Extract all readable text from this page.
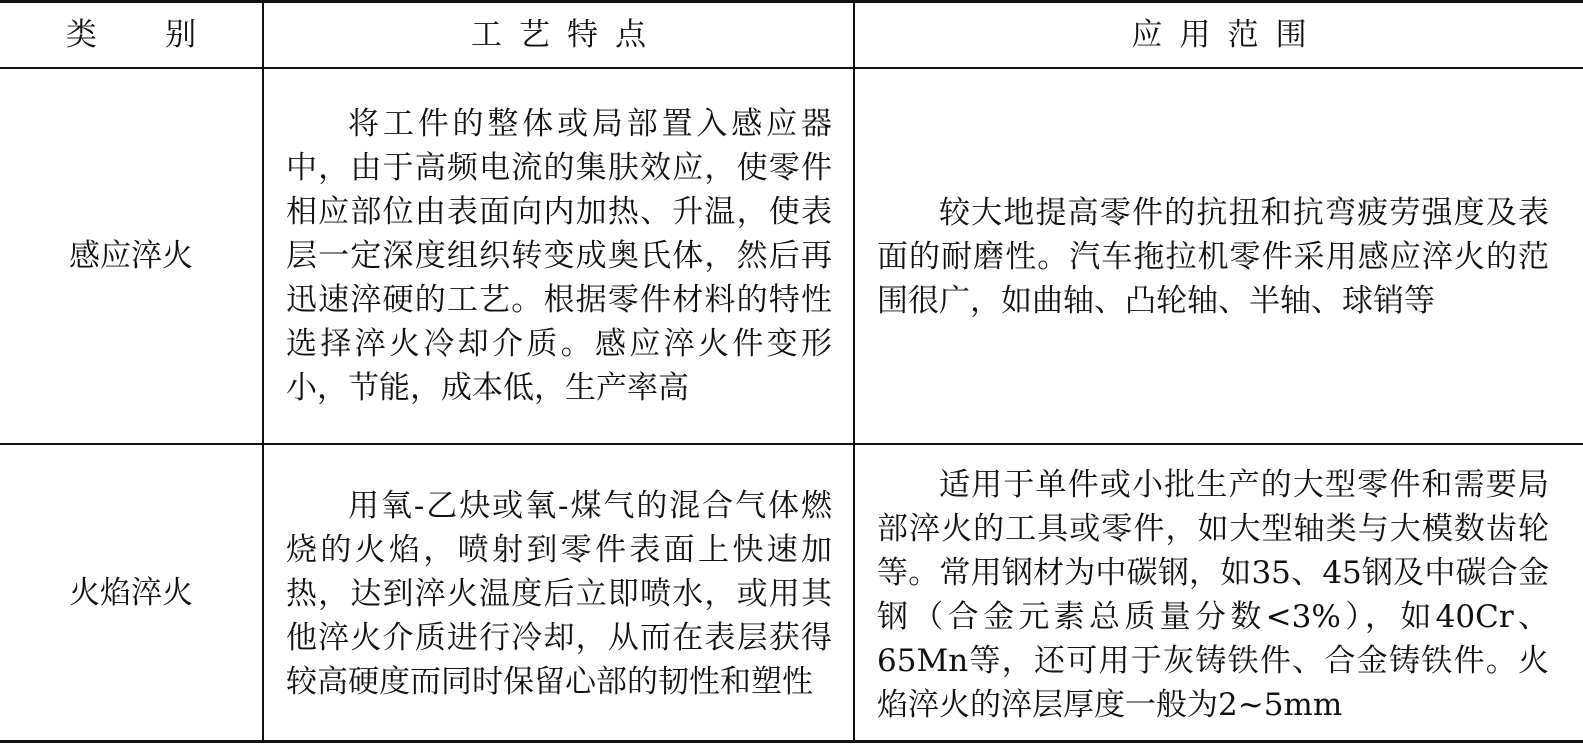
类　别	工艺特点	应用范围
感应淬火
将工件的整体或局部置入感应器中，由于高频电流的集肤效应，使零件相应部位由表面向内加热、升温，使表层一定深度组织转变成奥氏体，然后再迅速淬硬的工艺。根据零件材料的特性选择淬火冷却介质。感应淬火件变形小，节能，成本低，生产率高
较大地提高零件的抗扭和抗弯疲劳强度及表面的耐磨性。汽车拖拉机零件采用感应淬火的范围很广，如曲轴、凸轮轴、半轴、球销等
火焰淬火
用氧-乙炔或氧-煤气的混合气体燃烧的火焰，喷射到零件表面上快速加热，达到淬火温度后立即喷水，或用其他淬火介质进行冷却，从而在表层获得较高硬度而同时保留心部的韧性和塑性
适用于单件或小批生产的大型零件和需要局部淬火的工具或零件，如大型轴类与大模数齿轮等。常用钢材为中碳钢，如35、45钢及中碳合金钢（合金元素总质量分数<3%），如40Cr、65Mn等，还可用于灰铸铁件、合金铸铁件。火焰淬火的淬层厚度一般为2~5mm
